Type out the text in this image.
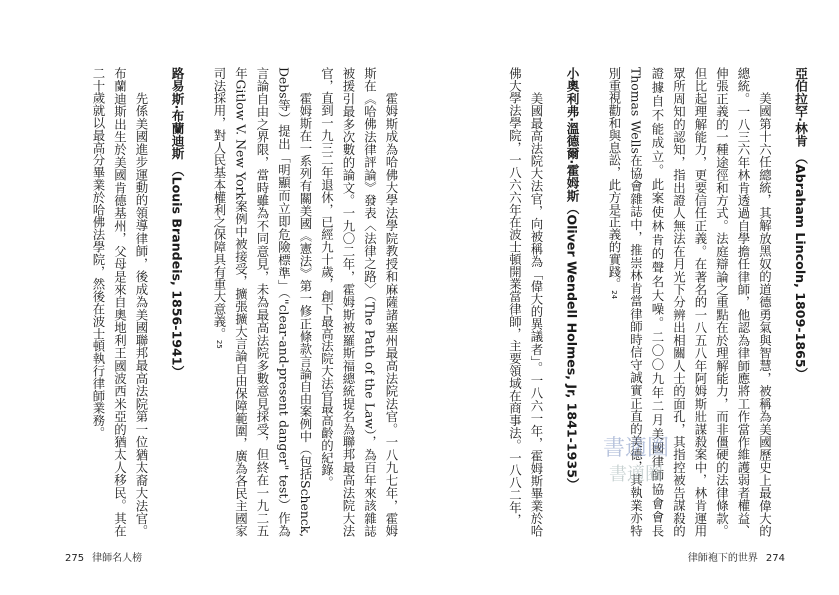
亞伯拉罕‧林肯 （Abraham Lincoln, 1809-1865）

美國第十六任總統，其解放黑奴的道德勇氣與智慧，被稱為美國歷史上最偉大的總統。一八三六年林肯透過自學擔任律師，他認為律師應將工作當作維護弱者權益、伸張正義的一種途徑和方式。法庭辯論之重點在於理解能力，而非僵硬的法律條款。但比起理解能力，更要信任正義。在著名的一八五八年阿姆斯壯謀殺案中，林肯運用眾所周知的認知，指出證人無法在月光下分辨出相關人士的面孔，其指控被告謀殺的證據自不能成立。此案使林肯的聲名大噪。二〇〇九年二月美國律師協會會長Thomas Wells在協會雜誌中，推崇林肯當律師時信守誠實正直的美德，其執業亦特別重視勸和與息訟，此方是正義的實踐。24

小奧利弗‧溫德爾‧霍姆斯（Oliver Wendell Holmes, Jr, 1841-1935）

美國最高法院大法官，向被稱為「偉大的異議者」。一八六一年，霍姆斯畢業於哈佛大學法學院，一八六六年在波士頓開業當律師，主要領域在商事法。一八八二年，

律師袍下的世界 274

霍姆斯成為哈佛大學法學院教授和麻薩諸塞州最高法院法官。一八九七年，霍姆斯在《哈佛法律評論》發表〈法律之路〉（The Path of the Law），為百年來該雜誌被援引最多次數的論文。一九〇二年，霍姆斯被羅斯福總統提名為聯邦最高法院大法官，直到一九三二年退休，已經九十歲，創下最高法院大法官最高齡的紀錄。

霍姆斯在一系列有關美國《憲法》第一修正條款言論自由案例中（包括Schenck, Debs等）提出「明顯而立即危險標準」（"clear-and-present danger" test）作為言論自由之界限，當時雖為不同意見，未為最高法院多數意見採受，但終在一九二五年Gitlow V. New York案例中被接受，擴張擴大言論自由保障範圍，廣為各民主國家司法採用，對人民基本權利之保障具有重大意義。25

路易斯‧布蘭迪斯 （Louis Brandeis, 1856-1941）

先係美國進步運動的領導律師，後成為美國聯邦最高法院第一位猶太裔大法官。布蘭迪斯出生於美國肯德基州，父母是來自奧地利王國波西米亞的猶太人移民。其在二十歲就以最高分畢業於哈佛法學院，然後在波士頓執行律師業務。

275 律師名人榜
書適圈
書適圈
